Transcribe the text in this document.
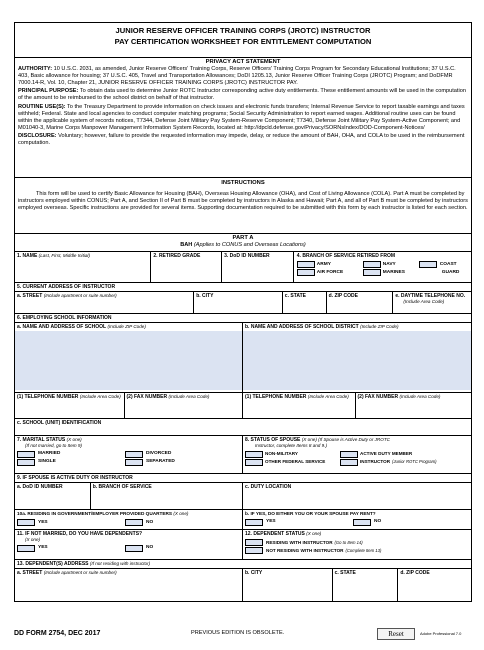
JUNIOR RESERVE OFFICER TRAINING CORPS (JROTC) INSTRUCTOR
PAY CERTIFICATION WORKSHEET FOR ENTITLEMENT COMPUTATION
PRIVACY ACT STATEMENT

AUTHORITY: 10 U.S.C. 2031, as amended, Junior Reserve Officers' Training Corps, Reserve Officers' Training Corps Program for Secondary Educational Institutions; 37 U.S.C. 403, Basic allowance for housing; 37 U.S.C. 405, Travel and Transportation Allowances; DoDI 1205.13, Junior Reserve Officer Training Corps (JROTC) Program; and DoDFMR 7000.14-R, Vol. 10, Chapter 21, JUNIOR RESERVE OFFICER TRAINING CORPS (JROTC) INSTRUCTOR PAY.

PRINCIPAL PURPOSE: To obtain data used to determine Junior ROTC Instructor corresponding active duty entitlements. These entitlement amounts will be used in the computation of the amount to be reimbursed to the school district on behalf of that instructor.

ROUTINE USE(S): To the Treasury Department to provide information on check issues and electronic funds transfers; Internal Revenue Service to report taxable earnings and taxes withheld; Federal. State and local agencies to conduct computer matching programs; Social Security Administration to report earned wages. Additional routine uses can be found within the applicable system of records notices, T7344, Defense Joint Military Pay System-Reserve Component; T7340, Defense Joint Military Pay System-Active Component; and M01040-3, Marine Corps Manpower Management Information System Records, located at: http://dpcld.defense.gov/Privacy/SORNsIndex/DOD-Component-Notices/

DISCLOSURE: Voluntary; however, failure to provide the requested information may impede, delay, or reduce the amount of BAH, OHA, and COLA to be used in the reimbursement computation.

INSTRUCTIONS

This form will be used to certify Basic Allowance for Housing (BAH), Overseas Housing Allowance (OHA), and Cost of Living Allowance (COLA). Part A must be completed by instructors employed within CONUS; Part A, and Section II of Part B must be completed by instructors in Alaska and Hawaii; Part A, and all of Part B must be completed by instructors employed overseas. Specific instructions are provided for several items. Supporting documentation required to be submitted with this form by each instructor is listed for each section.

PART A
BAH (Applies to CONUS and Overseas Locations)
1. NAME (Last, First, Middle Initial)	2. RETIRED GRADE	3. DoD ID NUMBER	4. BRANCH OF SERVICE RETIRED FROM
ARMY	NAVY	COAST
AIR FORCE	MARINES	GUARD
5. CURRENT ADDRESS OF INSTRUCTOR
a. STREET (Include apartment or suite number)	b. CITY	c. STATE	d. ZIP CODE	e. DAYTIME TELEPHONE NO.
(Include Area Code)
6. EMPLOYING SCHOOL INFORMATION
a. NAME AND ADDRESS OF SCHOOL (Include ZIP Code)	b. NAME AND ADDRESS OF SCHOOL DISTRICT (Include ZIP Code)
(1) TELEPHONE NUMBER (Include Area Code)	(2) FAX NUMBER (Include Area Code)	(1) TELEPHONE NUMBER (Include Area Code)	(2) FAX NUMBER (Include Area Code)
c. SCHOOL (UNIT) IDENTIFICATION
7. MARITAL STATUS (X one)
(If not married, go to Item 9)
MARRIED	DIVORCED
SINGLE	SEPARATED
8. STATUS OF SPOUSE (X one) (If Spouse is Active Duty or JROTC
Instructor, complete Items 8 and 9.)
NON-MILITARY	ACTIVE DUTY MEMBER
OTHER FEDERAL SERVICE	INSTRUCTOR (Junior ROTC Program)
9. IF SPOUSE IS ACTIVE DUTY OR INSTRUCTOR
a. DoD ID NUMBER	b. BRANCH OF SERVICE	c. DUTY LOCATION
10a. RESIDING IN GOVERNMENT/EMPLOYER PROVIDED QUARTERS (X one)
YES	NO
b. IF YES, DO EITHER YOU OR YOUR SPOUSE PAY RENT?
YES	NO
11. IF NOT MARRIED, DO YOU HAVE DEPENDENTS?
(X one)
YES	NO
12. DEPENDENT STATUS (X one)
RESIDING WITH INSTRUCTOR (Go to Item 14)
NOT RESIDING WITH INSTRUCTOR (Complete Item 13)
13. DEPENDENT(S) ADDRESS (If not residing with instructor)
a. STREET (Include apartment or suite number)	b. CITY	c. STATE	d. ZIP CODE
DD FORM 2754, DEC 2017	PREVIOUS EDITION IS OBSOLETE.	Reset	Adobe Professional 7.0
